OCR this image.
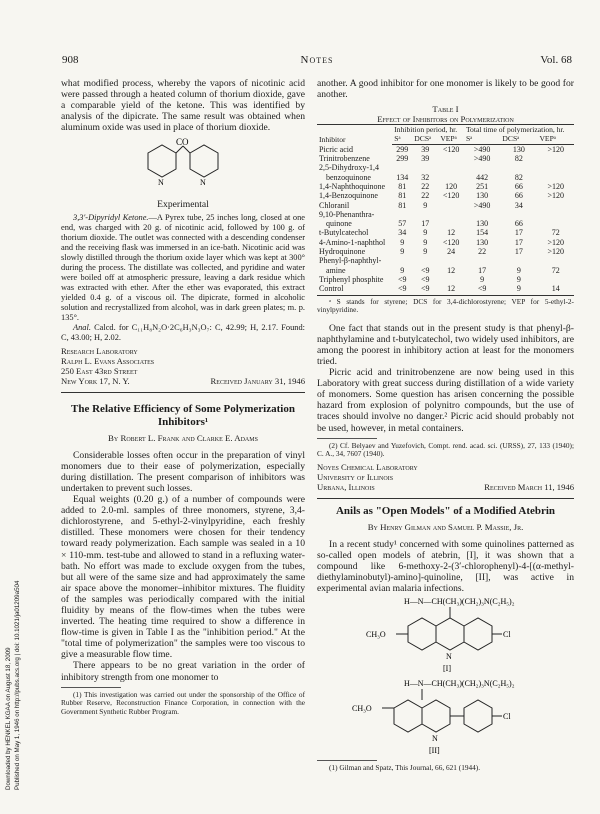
908	Notes	Vol. 68
Downloaded by HENKEL KGAA on August 18, 2009 Published on May 1, 1946 on http://pubs.acs.org | doi: 10.1021/ja01209a504

what modified process, whereby the vapors of nicotinic acid were passed through a heated column of thorium dioxide, gave a comparable yield of the ketone. This was identified by analysis of the dipicrate. The same result was obtained when aluminum oxide was used in place of thorium dioxide.

CO
N	N

Experimental

3,3′-Dipyridyl Ketone.—A Pyrex tube, 25 inches long, closed at one end, was charged with 20 g. of nicotinic acid, followed by 100 g. of thorium dioxide. The outlet was connected with a descending condenser and the receiving flask was immersed in an ice-bath. Nicotinic acid was slowly distilled through the thorium oxide layer which was kept at 300° during the process. The distillate was collected, and pyridine and water were boiled off at atmospheric pressure, leaving a dark residue which was extracted with ether. After the ether was evaporated, this extract yielded 0.4 g. of a viscous oil. The dipicrate, formed in alcoholic solution and recrystallized from alcohol, was in dark green plates; m. p. 135°.

Anal. Calcd. for C₁₁H₈N₂O·2C₆H₃N₃O₇: C, 42.99; H, 2.17. Found: C, 43.00; H, 2.02.

Research Laboratory
Ralph L. Evans Associates
250 East 43rd Street
New York 17, N. Y.	Received January 31, 1946

The Relative Efficiency of Some Polymerization Inhibitors¹

By Robert L. Frank and Clarke E. Adams

Considerable losses often occur in the preparation of vinyl monomers due to their ease of polymerization, especially during distillation. The present comparison of inhibitors was undertaken to prevent such losses.

Equal weights (0.20 g.) of a number of compounds were added to 2.0-ml. samples of three monomers, styrene, 3,4-dichlorostyrene, and 5-ethyl-2-vinylpyridine, each freshly distilled. These monomers were chosen for their tendency toward ready polymerization. Each sample was sealed in a 10 × 110-mm. test-tube and allowed to stand in a refluxing water-bath. No effort was made to exclude oxygen from the tubes, but all were of the same size and had approximately the same air space above the monomer–inhibitor mixtures. The fluidity of the samples was periodically compared with the initial fluidity by means of the flow-times when the tubes were inverted. The heating time required to show a difference in flow-time is given in Table I as the "inhibition period." At the "total time of polymerization" the samples were too viscous to give a measurable flow time.

There appears to be no great variation in the order of inhibitory strength from one monomer to

(1) This investigation was carried out under the sponsorship of the Office of Rubber Reserve, Reconstruction Finance Corporation, in connection with the Government Synthetic Rubber Program.

another. A good inhibitor for one monomer is likely to be good for another.

Table I

Effect of Inhibitors on Polymerization

Inhibitor	Inhibition period, hr.			Total time of polymerization, hr.		
	Sᵃ	DCSᵃ	VEPᵃ	Sᵃ	DCSᵃ	VEPᵃ
Picric acid	299	39	<120	>490	130	>120
Trinitrobenzene	299	39		>490	82	
2,5-Dihydroxy-1,4						
benzoquinone	134	32		442	82	
1,4-Naphthoquinone	81	22	120	251	66	>120
1,4-Benzoquinone	81	22	<120	130	66	>120
Chloranil	81	9		>490	34	
9,10-Phenanthra-						
quinone	57	17		130	66	
t-Butylcatechol	34	9	12	154	17	72
4-Amino-1-naphthol	9	9	<120	130	17	>120
Hydroquinone	9	9	24	22	17	>120
Phenyl-β-naphthyl-						
amine	9	<9	12	17	9	72
Triphenyl phosphite	<9	<9		9	9	
Control	<9	<9	12	<9	9	14

ᵃ S stands for styrene; DCS for 3,4-dichlorostyrene; VEP for 5-ethyl-2-vinylpyridine.

One fact that stands out in the present study is that phenyl-β-naphthylamine and t-butylcatechol, two widely used inhibitors, are among the poorest in inhibitory action at least for the monomers tried.

Picric acid and trinitrobenzene are now being used in this Laboratory with great success during distillation of a wide variety of monomers. Some question has arisen concerning the possible hazard from explosion of polynitro compounds, but the use of traces should involve no danger.² Picric acid should probably not be used, however, in metal containers.

(2) Cf. Belyaev and Yuzefovich, Compt. rend. acad. sci. (URSS), 27, 133 (1940); C. A., 34, 7607 (1940).

Noyes Chemical Laboratory
University of Illinois
Urbana, Illinois	Received March 11, 1946

Anils as "Open Models" of a Modified Atebrin

By Henry Gilman and Samuel P. Massie, Jr.

In a recent study¹ concerned with some quinolines patterned as so-called open models of atebrin, [I], it was shown that a compound like 6-methoxy-2-(3′-chlorophenyl)-4-[(α-methyl-diethylaminobutyl)-amino]-quinoline, [II], was active in experimental avian malaria infections.

H—N—CH(CH₃)(CH₂)₃N(C₂H₅)₂
CH₃O	Cl
N
[I]
H—N—CH(CH₃)(CH₂)₃N(C₂H₅)₂
CH₃O
Cl
N
[II]

(1) Gilman and Spatz, This Journal, 66, 621 (1944).
